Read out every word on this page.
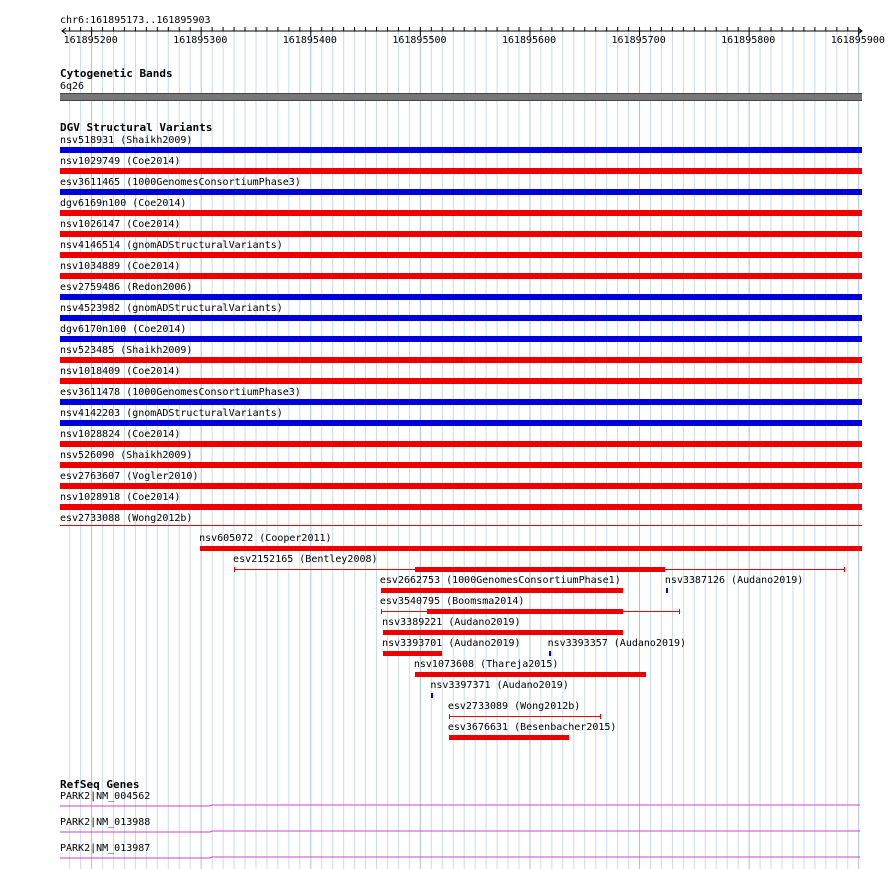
chr6:161895173..161895903
161895200	161895300	161895400	161895500	161895600	161895700	161895800	161895900
Cytogenetic Bands
6q26
DGV Structural Variants
nsv518931 (Shaikh2009)
nsv1029749 (Coe2014)
esv3611465 (1000GenomesConsortiumPhase3)
dgv6169n100 (Coe2014)
nsv1026147 (Coe2014)
nsv4146514 (gnomADStructuralVariants)
nsv1034889 (Coe2014)
esv2759486 (Redon2006)
nsv4523982 (gnomADStructuralVariants)
dgv6170n100 (Coe2014)
nsv523485 (Shaikh2009)
nsv1018409 (Coe2014)
esv3611478 (1000GenomesConsortiumPhase3)
nsv4142203 (gnomADStructuralVariants)
nsv1028824 (Coe2014)
nsv526090 (Shaikh2009)
esv2763607 (Vogler2010)
nsv1028918 (Coe2014)
esv2733088 (Wong2012b)
nsv605072 (Cooper2011)
esv2152165 (Bentley2008)
esv2662753 (1000GenomesConsortiumPhase1)	nsv3387126 (Audano2019)
esv3540795 (Boomsma2014)
nsv3389221 (Audano2019)
nsv3393701 (Audano2019)	nsv3393357 (Audano2019)
nsv1073608 (Thareja2015)
nsv3397371 (Audano2019)
esv2733089 (Wong2012b)
esv3676631 (Besenbacher2015)
RefSeq Genes
PARK2|NM_004562
PARK2|NM_013988
PARK2|NM_013987
